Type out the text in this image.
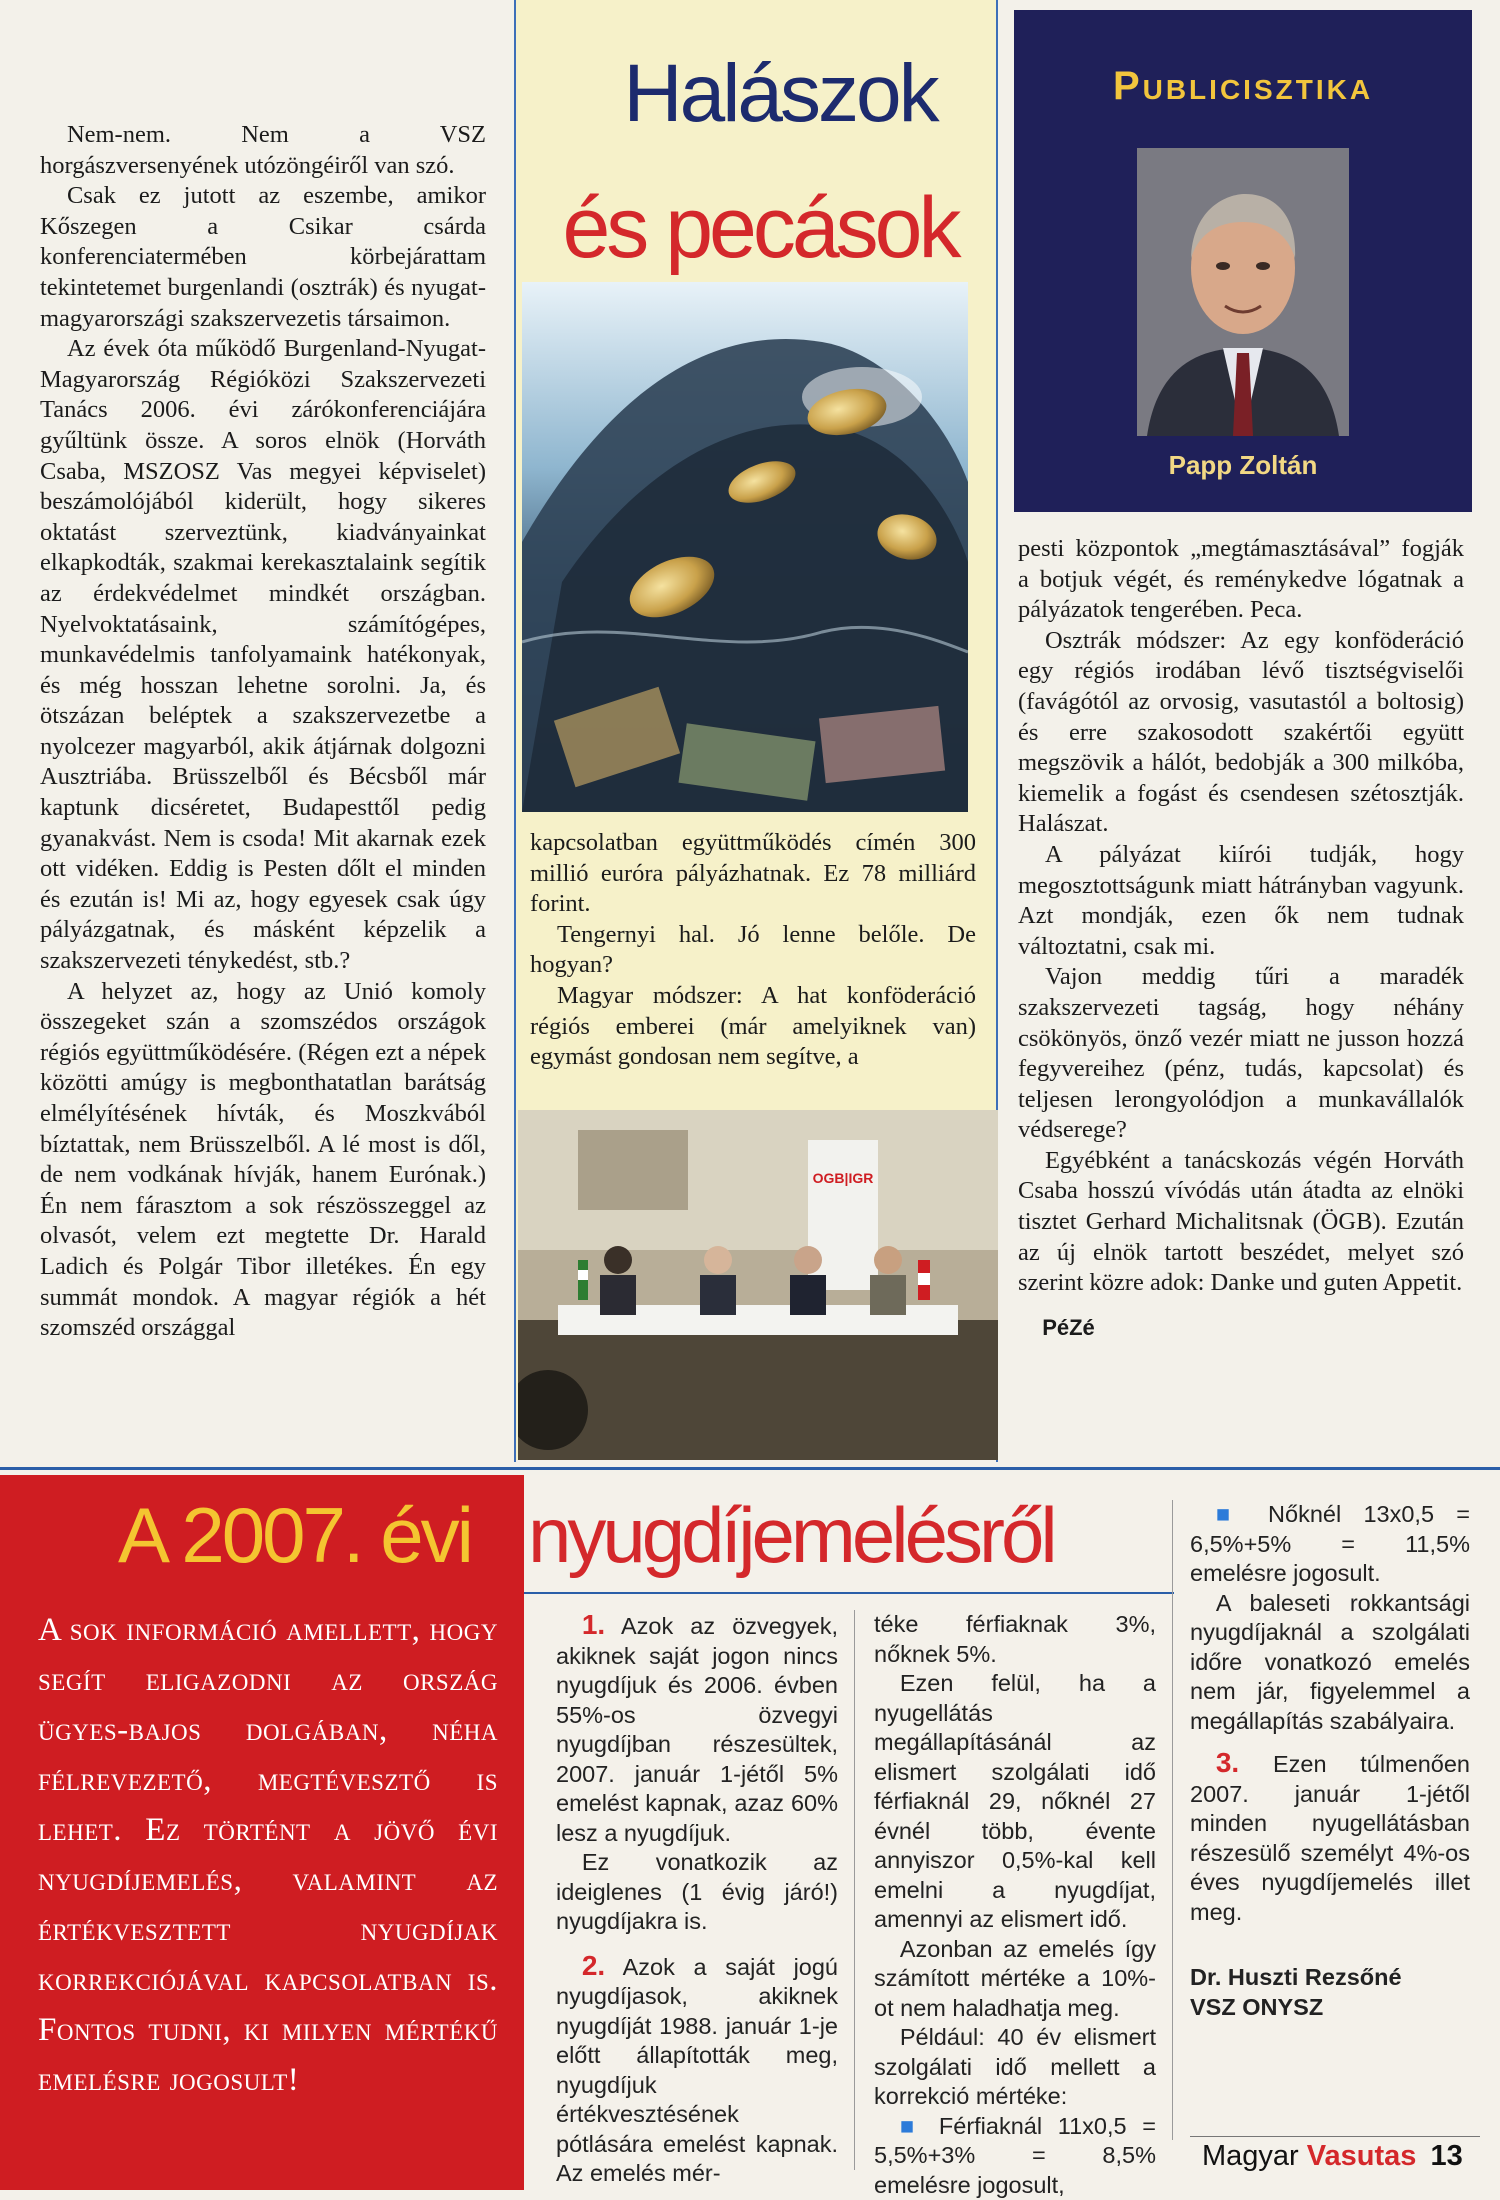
Nem-nem. Nem a VSZ horgászversenyének utózöngéiről van szó.

Csak ez jutott az eszembe, amikor Kőszegen a Csikar csárda konferenciatermében körbejárattam tekintetemet burgenlandi (osztrák) és nyugat-magyarországi szakszervezetis társaimon.

Az évek óta működő Burgenland-Nyugat-Magyarország Régióközi Szakszervezeti Tanács 2006. évi zárókonferenciájára gyűltünk össze. A soros elnök (Horváth Csaba, MSZOSZ Vas megyei képviselet) beszámolójából kiderült, hogy sikeres oktatást szerveztünk, kiadványainkat elkapkodták, szakmai kerekasztalaink segítik az érdekvédelmet mindkét országban. Nyelvoktatásaink, számítógépes, munkavédelmis tanfolyamaink hatékonyak, és még hosszan lehetne sorolni. Ja, és ötszázan beléptek a szakszervezetbe a nyolcezer magyarból, akik átjárnak dolgozni Ausztriába. Brüsszelből és Bécsből már kaptunk dicséretet, Budapesttől pedig gyanakvást. Nem is csoda! Mit akarnak ezek ott vidéken. Eddig is Pesten dőlt el minden és ezután is! Mi az, hogy egyesek csak úgy pályázgatnak, és másként képzelik a szakszervezeti ténykedést, stb.?

A helyzet az, hogy az Unió komoly összegeket szán a szomszédos országok régiós együttműködésére. (Régen ezt a népek közötti amúgy is megbonthatatlan barátság elmélyítésének hívták, és Moszkvából bíztattak, nem Brüsszelből. A lé most is dől, de nem vodkának hívják, hanem Eurónak.) Én nem fárasztom a sok részösszeggel az olvasót, velem ezt megtette Dr. Harald Ladich és Polgár Tibor illetékes. Én egy summát mondok. A magyar régiók a hét szomszéd országgal

Halászok
és pecások

kapcsolatban együttműködés címén 300 millió euróra pályázhatnak. Ez 78 milliárd forint.

Tengernyi hal. Jó lenne belőle. De hogyan?

Magyar módszer: A hat konföderáció régiós emberei (már amelyiknek van) egymást gondosan nem segítve, a

OGB|IGR
Publicisztika
Papp Zoltán

pesti központok „megtámasztásával” fogják a botjuk végét, és reménykedve lógatnak a pályázatok tengerében. Peca.

Osztrák módszer: Az egy konföderáció egy régiós irodában lévő tisztségviselői (favágótól az orvosig, vasutastól a boltosig) és erre szakosodott szakértői együtt megszövik a hálót, bedobják a 300 milkóba, kiemelik a fogást és csendesen szétosztják. Halászat.

A pályázat kiírói tudják, hogy megosztottságunk miatt hátrányban vagyunk. Azt mondják, ezen ők nem tudnak változtatni, csak mi.

Vajon meddig tűri a maradék szakszervezeti tagság, hogy néhány csökönyös, önző vezér miatt ne jusson hozzá fegyvereihez (pénz, tudás, kapcsolat) és teljesen lerongyolódjon a munkavállalók védserege?

Egyébként a tanácskozás végén Horváth Csaba hosszú vívódás után átadta az elnöki tisztet Gerhard Michalitsnak (ÖGB). Ezután az új elnök tartott beszédet, melyet szó szerint közre adok: Danke und guten Appetit.

PéZé

A 2007. évi nyugdíjemelésről
A sok információ amellett, hogy segít eligazodni az ország ügyes-bajos dolgában, néha félrevezető, megtévesztő is lehet. Ez történt a jövő évi nyugdíjemelés, valamint az értékvesztett nyugdíjak korrekciójával kapcsolatban is. Fontos tudni, ki milyen mértékű emelésre jogosult!

1. Azok az özvegyek, akiknek saját jogon nincs nyugdíjuk és 2006. évben 55%-os özvegyi nyugdíjban részesültek, 2007. január 1-jétől 5% emelést kapnak, azaz 60% lesz a nyugdíjuk.

Ez vonatkozik az ideiglenes (1 évig járó!) nyugdíjakra is.

2. Azok a saját jogú nyugdíjasok, akiknek nyugdíját 1988. január 1-je előtt állapították meg, nyugdíjuk értékvesztésének pótlására emelést kapnak. Az emelés mér-

téke férfiaknak 3%, nőknek 5%.

Ezen felül, ha a nyugellátás megállapításánál az elismert szolgálati idő férfiaknál 29, nőknél 27 évnél több, évente annyiszor 0,5%-kal kell emelni a nyugdíjat, amennyi az elismert idő.

Azonban az emelés így számított mértéke a 10%-ot nem haladhatja meg.

Például: 40 év elismert szolgálati idő mellett a korrekció mértéke:

■ Férfiaknál 11x0,5 = 5,5%+3% = 8,5% emelésre jogosult,

■ Nőknél 13x0,5 = 6,5%+5% = 11,5% emelésre jogosult.

A baleseti rokkantsági nyugdíjaknál a szolgálati időre vonatkozó emelés nem jár, figyelemmel a megállapítás szabályaira.

3. Ezen túlmenően 2007. január 1-jétől minden nyugellátásban részesülő személyt 4%-os éves nyugdíjemelés illet meg.

Dr. Huszti Rezsőné

VSZ ONYSZ

Magyar Vasutas 13
